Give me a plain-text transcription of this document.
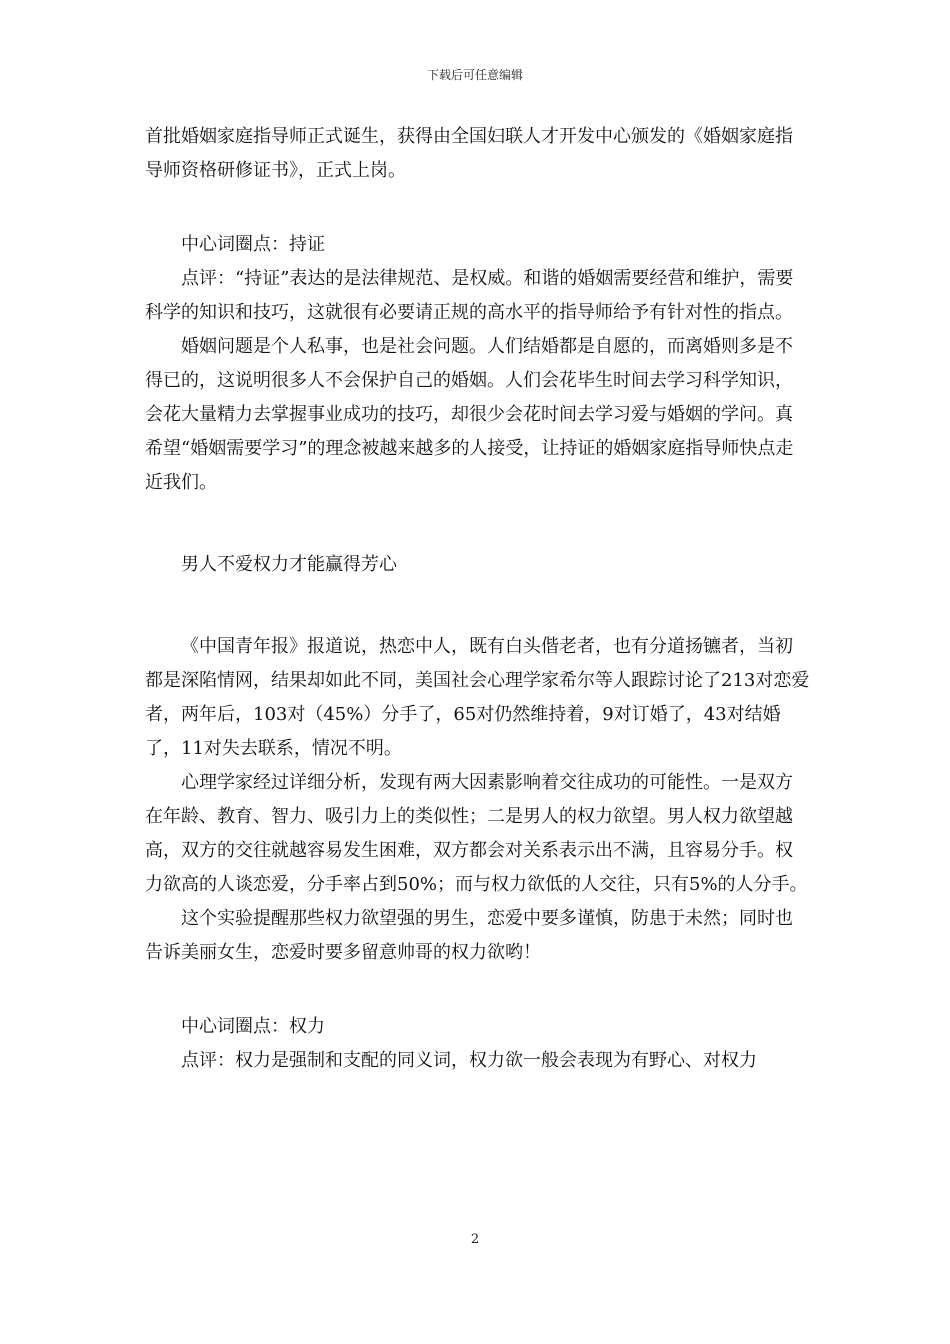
下载后可任意编辑

首批婚姻家庭指导师正式诞生，获得由全国妇联人才开发中心颁发的《婚姻家庭指导师资格研修证书》，正式上岗。

中心词圈点：持证

点评：“持证”表达的是法律规范、是权威。和谐的婚姻需要经营和维护，需要科学的知识和技巧，这就很有必要请正规的高水平的指导师给予有针对性的指点。

婚姻问题是个人私事，也是社会问题。人们结婚都是自愿的，而离婚则多是不得已的，这说明很多人不会保护自己的婚姻。人们会花毕生时间去学习科学知识，会花大量精力去掌握事业成功的技巧，却很少会花时间去学习爱与婚姻的学问。真希望“婚姻需要学习”的理念被越来越多的人接受，让持证的婚姻家庭指导师快点走近我们。

男人不爱权力才能赢得芳心

《中国青年报》报道说，热恋中人，既有白头偕老者，也有分道扬镳者，当初都是深陷情网，结果却如此不同，美国社会心理学家希尔等人跟踪讨论了213对恋爱者，两年后，103对（45%）分手了，65对仍然维持着，9对订婚了，43对结婚了，11对失去联系，情况不明。

心理学家经过详细分析，发现有两大因素影响着交往成功的可能性。一是双方在年龄、教育、智力、吸引力上的类似性；二是男人的权力欲望。男人权力欲望越高，双方的交往就越容易发生困难，双方都会对关系表示出不满，且容易分手。权力欲高的人谈恋爱，分手率占到50%；而与权力欲低的人交往，只有5%的人分手。

这个实验提醒那些权力欲望强的男生，恋爱中要多谨慎，防患于未然；同时也告诉美丽女生，恋爱时要多留意帅哥的权力欲哟！

中心词圈点：权力

点评：权力是强制和支配的同义词，权力欲一般会表现为有野心、对权力

2
